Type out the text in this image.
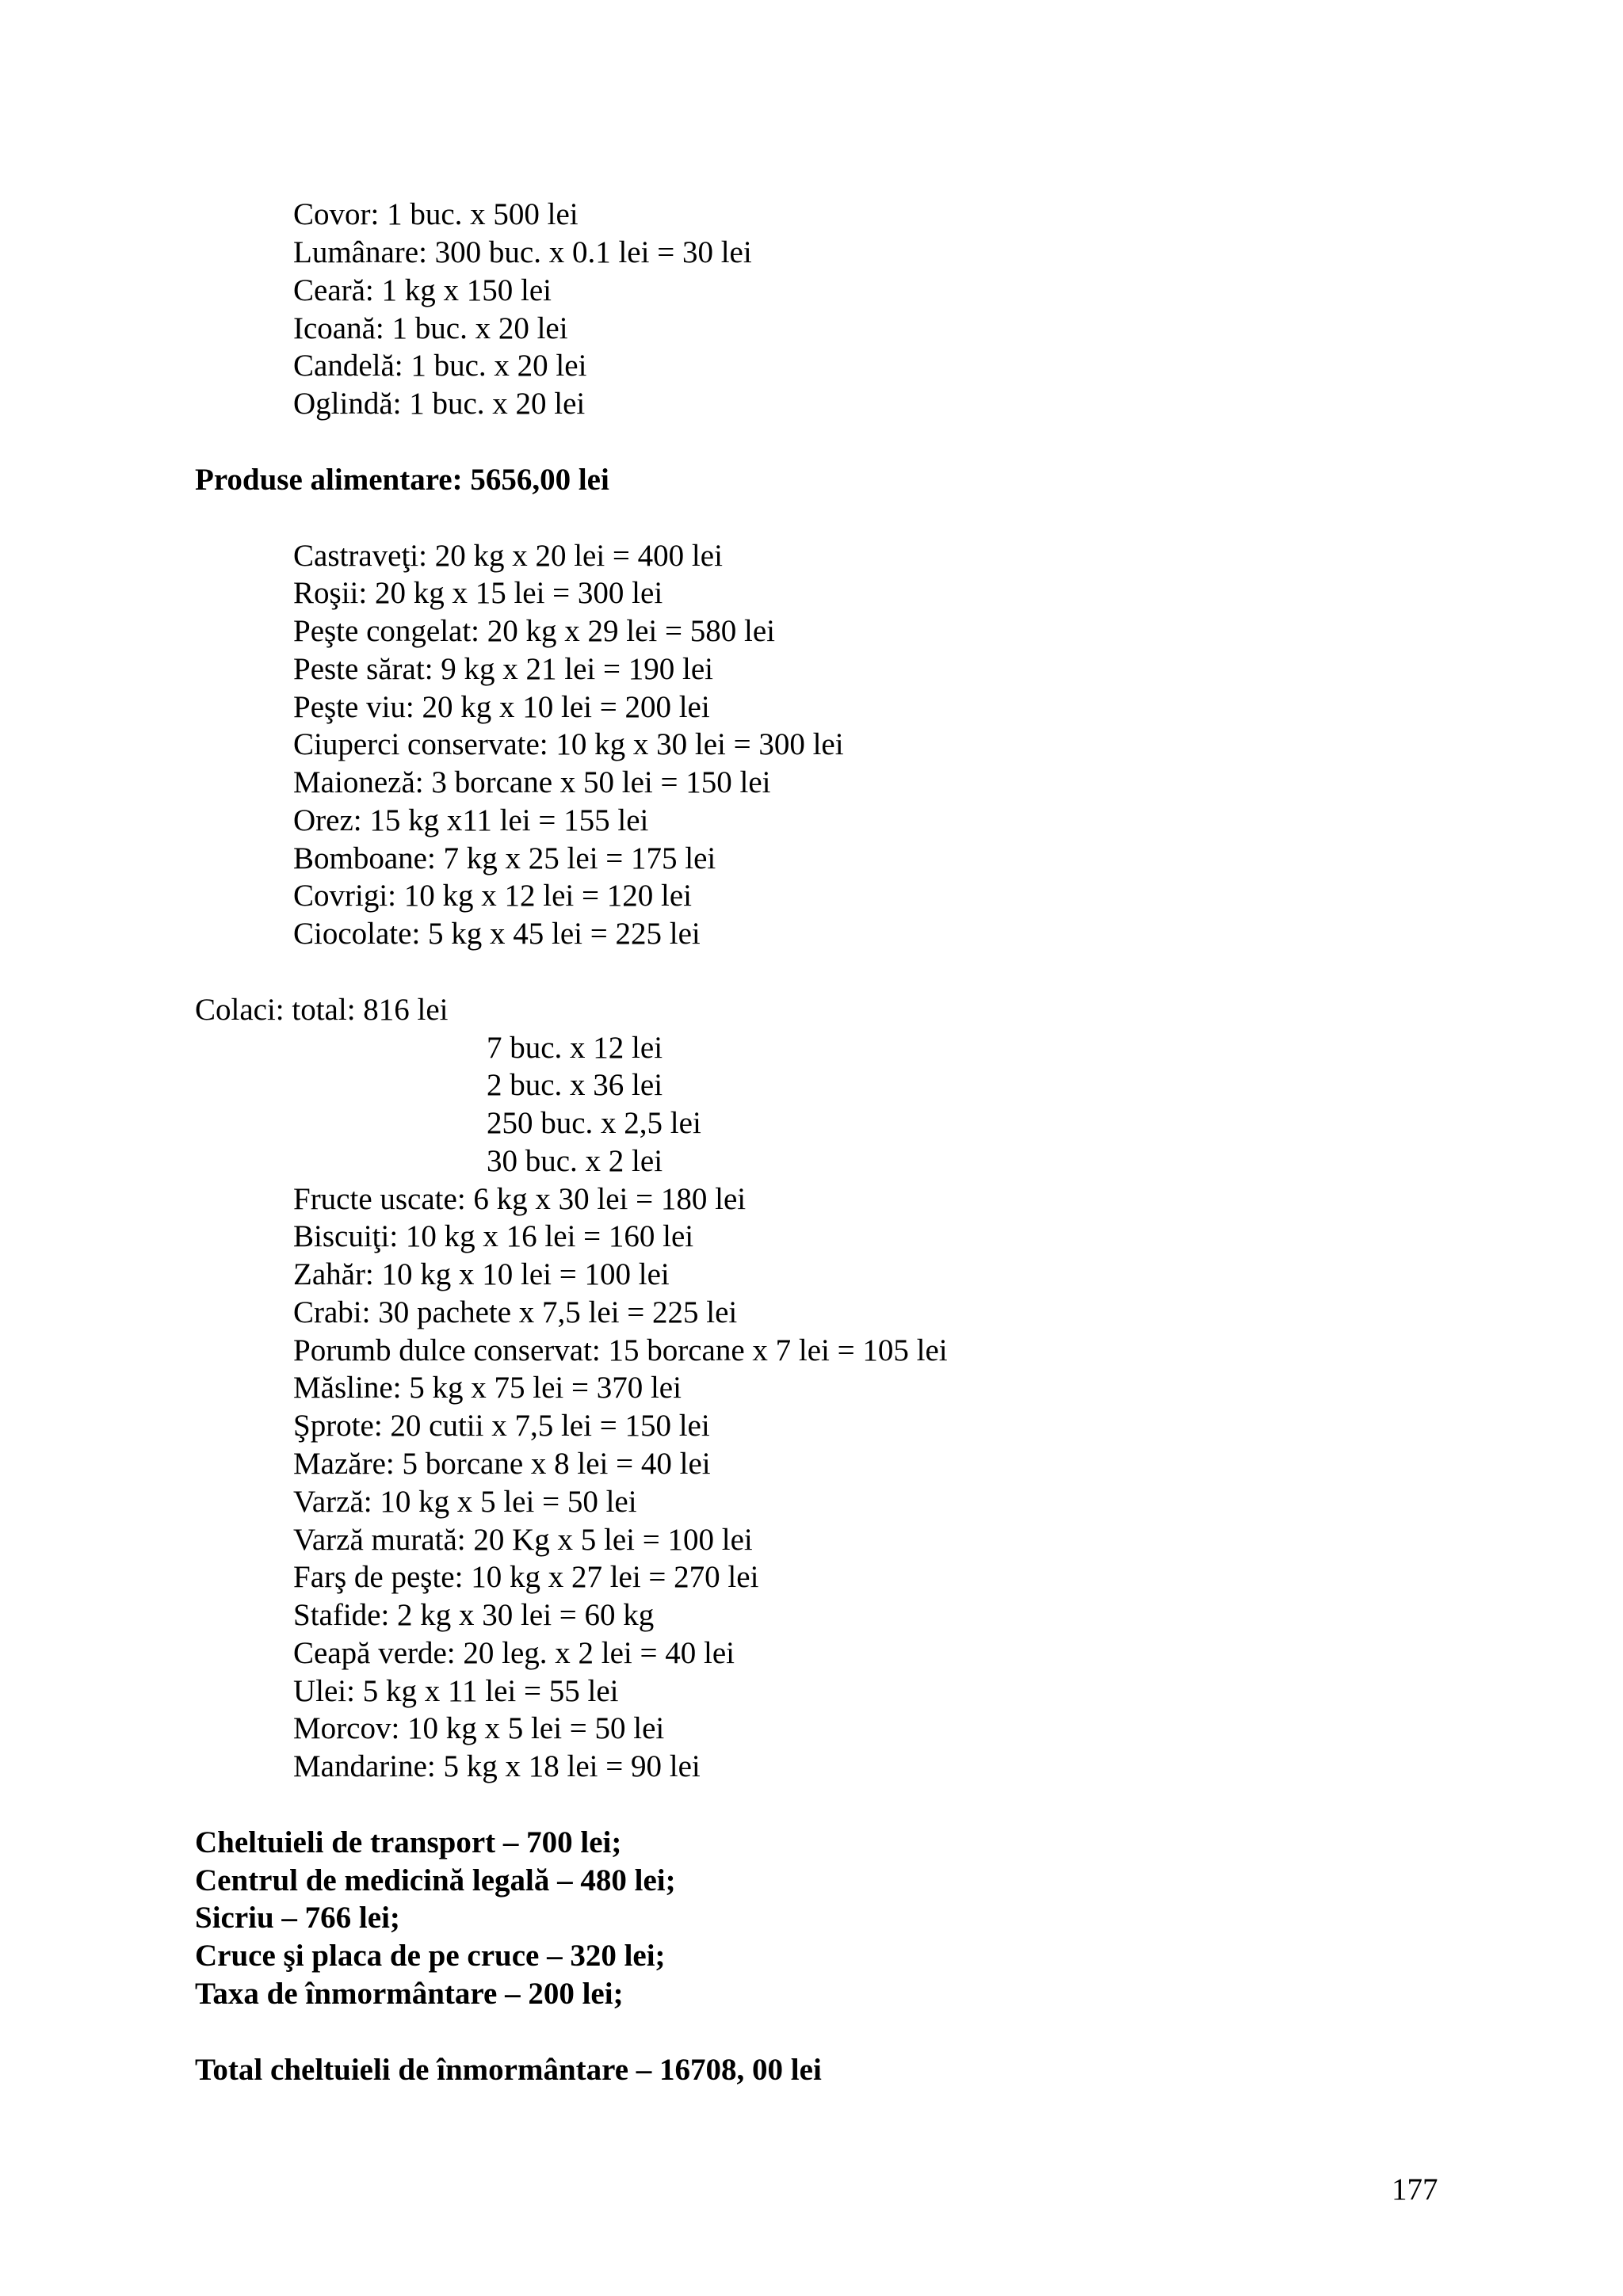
Covor: 1 buc. x 500 lei
Lumânare: 300 buc. x 0.1 lei = 30 lei
Ceară: 1 kg x 150 lei
Icoană: 1 buc. x 20 lei
Candelă: 1 buc. x 20 lei
Oglindă: 1 buc. x 20 lei
Produse alimentare: 5656,00 lei
Castraveţi: 20 kg x 20 lei = 400 lei
Roşii: 20 kg x 15 lei = 300 lei
Peşte congelat: 20 kg x 29 lei = 580 lei
Peste sărat: 9 kg x 21 lei = 190 lei
Peşte viu: 20 kg x 10 lei = 200 lei
Ciuperci conservate: 10 kg x 30 lei = 300 lei
Maioneză: 3 borcane x 50 lei = 150 lei
Orez: 15 kg x11 lei = 155 lei
Bomboane: 7 kg x 25 lei = 175 lei
Covrigi: 10 kg x 12 lei = 120 lei
Ciocolate: 5 kg x 45 lei = 225 lei
Colaci: total: 816 lei
7 buc. x 12 lei
2 buc. x 36 lei
250 buc. x 2,5 lei
30 buc. x 2 lei
Fructe uscate: 6 kg x 30 lei = 180 lei
Biscuiţi: 10 kg x 16 lei = 160 lei
Zahăr: 10 kg x 10 lei = 100 lei
Crabi: 30 pachete x 7,5 lei = 225 lei
Porumb dulce conservat: 15 borcane x 7 lei = 105 lei
Măsline: 5 kg x 75 lei = 370 lei
Şprote: 20 cutii x 7,5 lei = 150 lei
Mazăre: 5 borcane x 8 lei = 40 lei
Varză: 10 kg x 5 lei = 50 lei
Varză murată: 20 Kg x 5 lei = 100 lei
Farş de peşte: 10 kg x 27 lei = 270 lei
Stafide: 2 kg x 30 lei = 60 kg
Ceapă verde: 20 leg. x 2 lei = 40 lei
Ulei: 5 kg x 11 lei = 55 lei
Morcov: 10 kg x 5 lei = 50 lei
Mandarine: 5 kg x 18 lei = 90 lei
Cheltuieli de transport – 700 lei;
Centrul de medicină legală – 480 lei;
Sicriu – 766 lei;
Cruce şi placa de pe cruce – 320 lei;
Taxa de înmormântare – 200 lei;
Total cheltuieli de înmormântare – 16708, 00 lei
177
